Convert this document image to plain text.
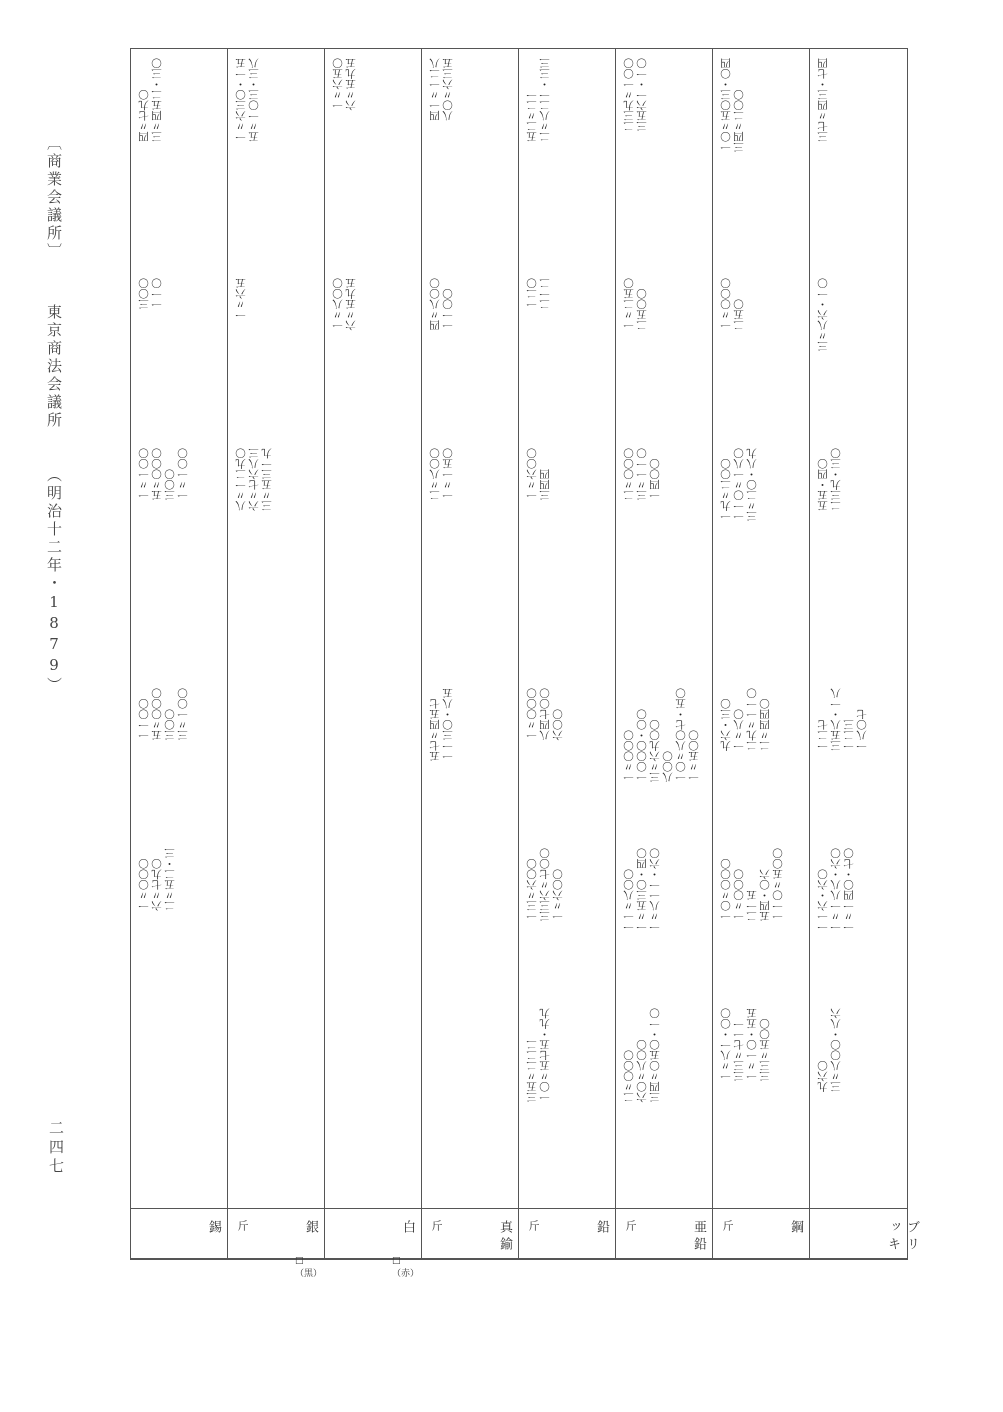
〔商業会議所〕 東京商法会議所 （明治十二年・1879）
二四七
三七〃四三・七四
三〃八六・一〇
五五・四〇 二三九・三〇
一二七 三五八・一八 一二三 一八〇七
一一六・六〇 一〃一八八・六〇 一〃一四〇・七〇
九六〇 三〃八〇〇・八六
ブリッキ
一〇〃五〇三・〇四 三四〃二〇〇
一〃〇〇〇 二五〇
一九〃二〇〇 一一〇〃一八〇 三〃二〇・八九
九六・三〇 一〃八〇 二九〃一一〇 二〃四四〇
一〇〃〇〇〇 一〃〇〇〇 二一五 五四・〇六 一一〇〃五〇〇
一〃八一・〇〇 三三〃七一一 一〃一〇・五五 三三〃五〇〇
鋼
斤
二三九〃一〇〇 三五六一・一〇
一〃二五〇 二五〇〇
二〃〇〇〇 三〃一一〇 一四〇〇
一〃〇〇〇 一〇〇〇・〇〇 三〃六九〇〇 八〇〇 一〇〃八〇七・五〇 一〃五〇〇
一一〃八〇〇 一〃五三〇・四〇 一〃八一一・六〇
二〃〇〇〇 六〇〃八〇〇 三四〃〇五〇・一〇
亜鉛
斤
五二〃二一 二〃八二一・三三
一二〇 二一二
一〃六〇〇 三四四
一〃〇〇〇 八四七〇〇 六〇〇
一三〃六〇〇 三三六〃七〇〇 一〃六〇〇
三五〃二二二 一〇〃五七五・九九
鉛
斤
四一〃一二八 八〇〃六三五
四〃八〇〇 一一〇〇
二〃八〇〇 一〃一五〇
五七〃四五七 一一三〇・八五
真鍮
斤
一〃六五〇 六〃五九五
一〃八〇〇 六〃五九五
白
□（赤）
一〃六三〇・一五 五〃一〇三・三八
一〃六五
八〃一二九〇 六〃七六八三 三〃五三一九
銀
斤
□（黒）
四〃七九〇 三〃四五二・三〇
三〇〇 一一〇
一〃一〇〇 五〃〇〇〇 三〇〇 一〃一〇〇
一一〇〇 五〃〇〇〇 三〇〇 三〃一〇〇
一〃〇〇〇 六〃七九〇 二〃五二・三
錫
